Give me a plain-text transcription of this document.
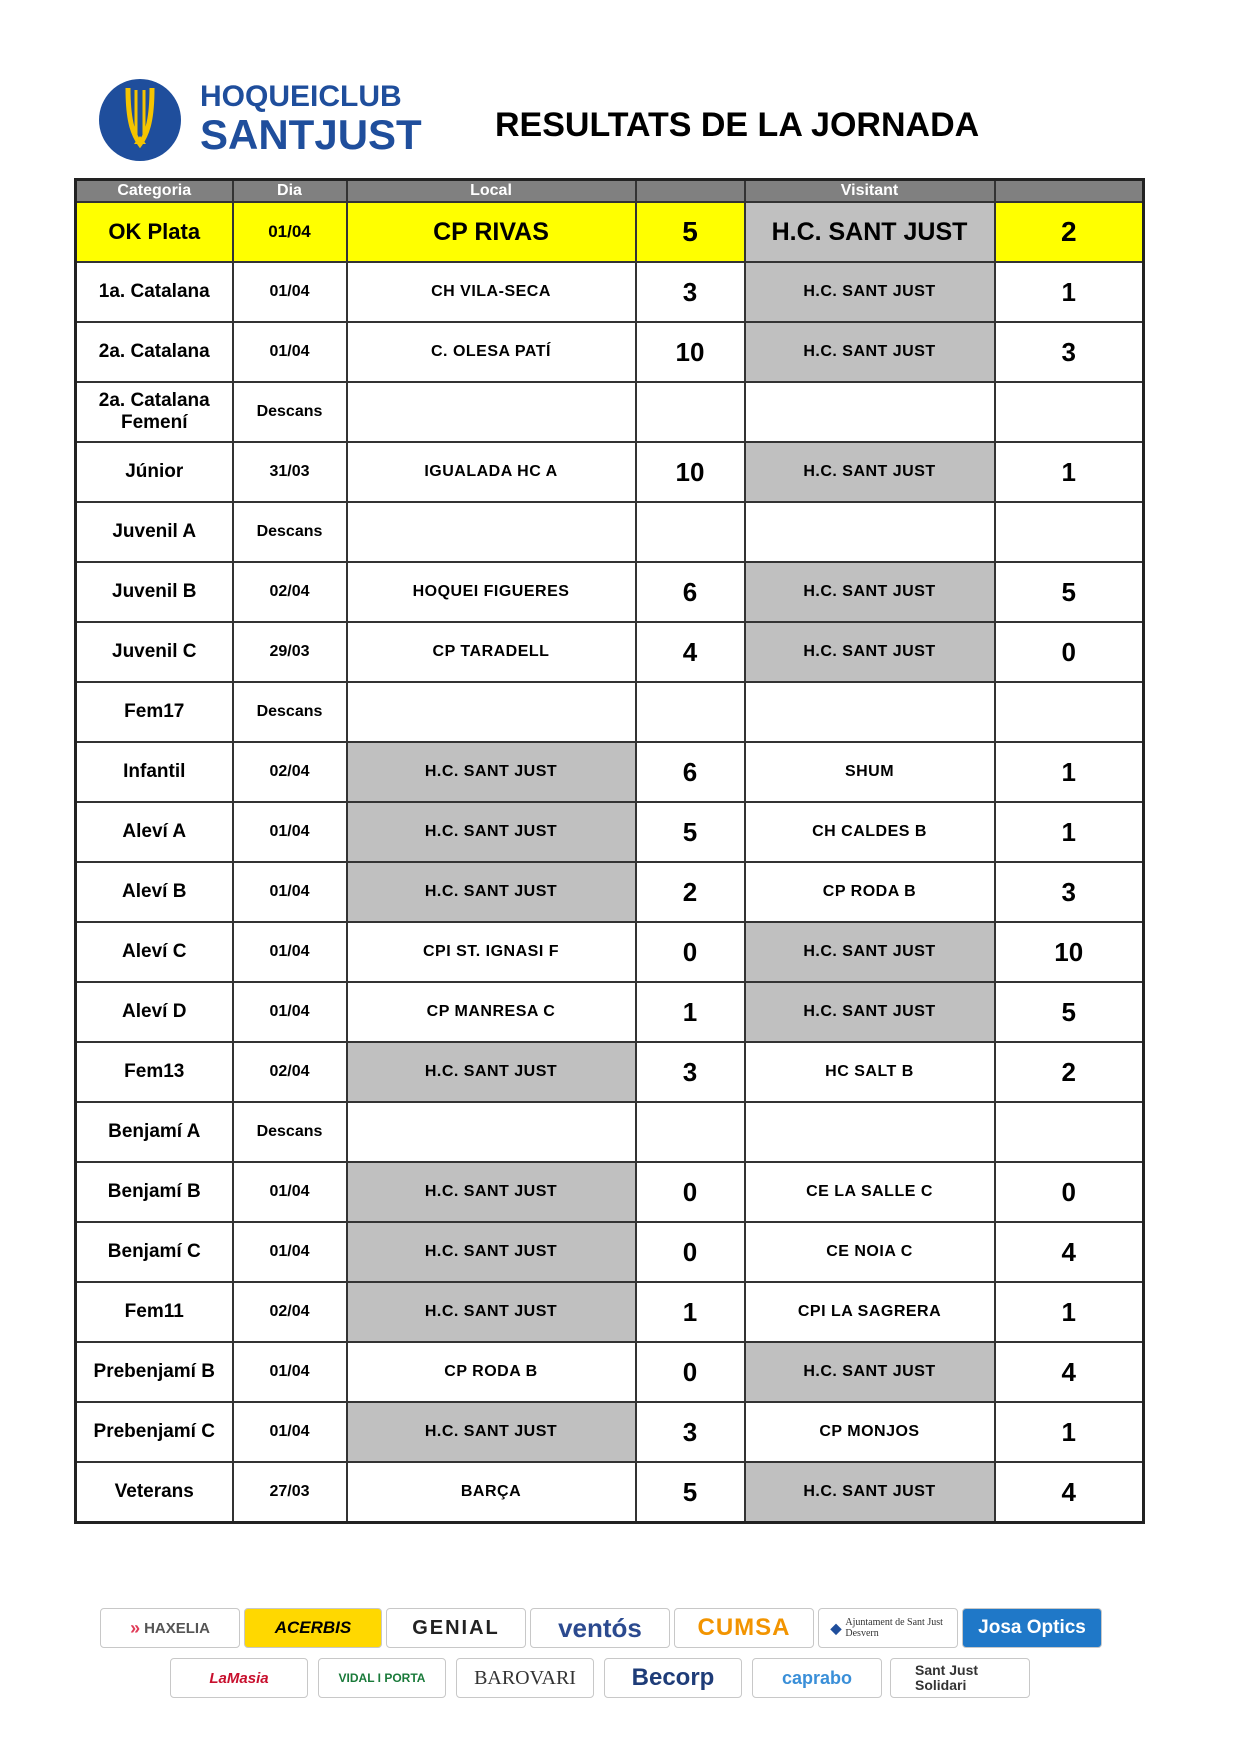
HOQUEICLUB
SANTJUST RESULTATS DE LA JORNADA
Categoria	Dia	Local		Visitant	
OK Plata	01/04	CP RIVAS	5	H.C. SANT JUST	2
1a. Catalana	01/04	CH VILA-SECA	3	H.C. SANT JUST	1
2a. Catalana	01/04	C. OLESA PATÍ	10	H.C. SANT JUST	3
2a. Catalana Femení	Descans				
Júnior	31/03	IGUALADA HC A	10	H.C. SANT JUST	1
Juvenil A	Descans				
Juvenil B	02/04	HOQUEI FIGUERES	6	H.C. SANT JUST	5
Juvenil C	29/03	CP TARADELL	4	H.C. SANT JUST	0
Fem17	Descans				
Infantil	02/04	H.C. SANT JUST	6	SHUM	1
Aleví A	01/04	H.C. SANT JUST	5	CH CALDES B	1
Aleví B	01/04	H.C. SANT JUST	2	CP RODA B	3
Aleví C	01/04	CPI ST. IGNASI F	0	H.C. SANT JUST	10
Aleví D	01/04	CP MANRESA C	1	H.C. SANT JUST	5
Fem13	02/04	H.C. SANT JUST	3	HC SALT B	2
Benjamí A	Descans				
Benjamí B	01/04	H.C. SANT JUST	0	CE LA SALLE C	0
Benjamí C	01/04	H.C. SANT JUST	0	CE NOIA C	4
Fem11	02/04	H.C. SANT JUST	1	CPI LA SAGRERA	1
Prebenjamí B	01/04	CP RODA B	0	H.C. SANT JUST	4
Prebenjamí C	01/04	H.C. SANT JUST	3	CP MONJOS	1
Veterans	27/03	BARÇA	5	H.C. SANT JUST	4
» HAXELIA	ACERBIS	GENIAL ventós CUMSA	◆ Ajuntament de Sant Just Desvern	Josa Optics
LaMasia	VIDAL I PORTA BAROVARI Becorp	caprabo	Sant Just Solidari
